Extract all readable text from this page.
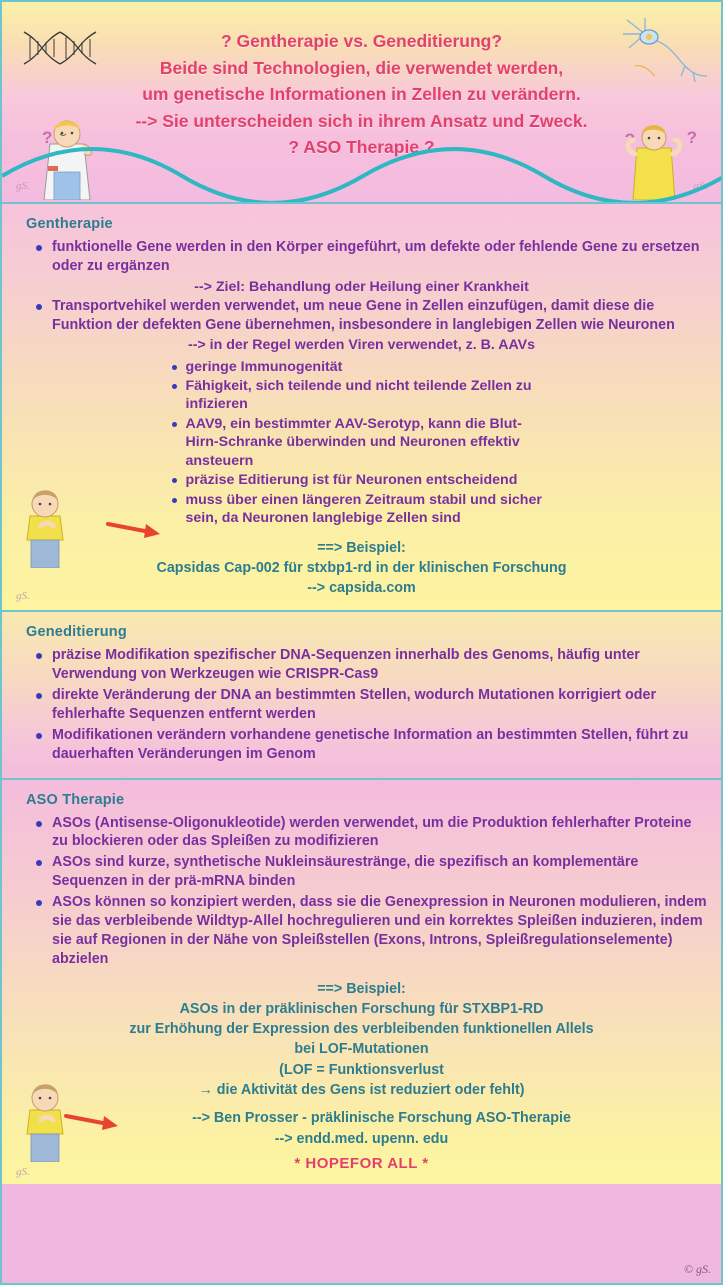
? Gentherapie vs. Geneditierung?
Beide sind Technologien, die verwendet werden,
um genetische Informationen in Zellen zu verändern.
--> Sie unterscheiden sich in ihrem Ansatz und Zweck.
? ASO Therapie ?
?	?	?
gS.	gS.
Gentherapie
funktionelle Gene werden in den Körper eingeführt, um defekte oder fehlende Gene zu ersetzen oder zu ergänzen
--> Ziel: Behandlung oder Heilung einer Krankheit
Transportvehikel werden verwendet, um neue Gene in Zellen einzufügen, damit diese die Funktion der defekten Gene übernehmen, insbesondere in langlebigen Zellen wie Neuronen
--> in der Regel werden Viren verwendet, z. B. AAVs
geringe Immunogenität
Fähigkeit, sich teilende und nicht teilende Zellen zu infizieren
AAV9, ein bestimmter AAV-Serotyp, kann die Blut-Hirn-Schranke überwinden und Neuronen effektiv ansteuern
präzise Editierung ist für Neuronen entscheidend
muss über einen längeren Zeitraum stabil und sicher sein, da Neuronen langlebige Zellen sind
==> Beispiel:
Capsidas Cap-002 für stxbp1-rd in der klinischen Forschung
--> capsida.com
gS.
Geneditierung
präzise Modifikation spezifischer DNA-Sequenzen innerhalb des Genoms, häufig unter Verwendung von Werkzeugen wie CRISPR-Cas9
direkte Veränderung der DNA an bestimmten Stellen, wodurch Mutationen korrigiert oder fehlerhafte Sequenzen entfernt werden
Modifikationen verändern vorhandene genetische Information an bestimmten Stellen, führt zu dauerhaften Veränderungen im Genom
ASO Therapie
ASOs (Antisense-Oligonukleotide) werden verwendet, um die Produktion fehlerhafter Proteine zu blockieren oder das Spleißen zu modifizieren
ASOs sind kurze, synthetische Nukleinsäurestränge, die spezifisch an komplementäre Sequenzen in der prä-mRNA binden
ASOs können so konzipiert werden, dass sie die Genexpression in Neuronen modulieren, indem sie das verbleibende Wildtyp-Allel hochregulieren und ein korrektes Spleißen induzieren, indem sie auf Regionen in der Nähe von Spleißstellen (Exons, Introns, Spleißregulationselemente) abzielen
==> Beispiel:
ASOs in der präklinischen Forschung für STXBP1-RD
zur Erhöhung der Expression des verbleibenden funktionellen Allels
bei LOF-Mutationen
(LOF = Funktionsverlust
→ die Aktivität des Gens ist reduziert oder fehlt)
--> Ben Prosser - präklinische Forschung ASO-Therapie
--> endd.med. upenn. edu
* HOPEFOR ALL *
gS.
© gS.
